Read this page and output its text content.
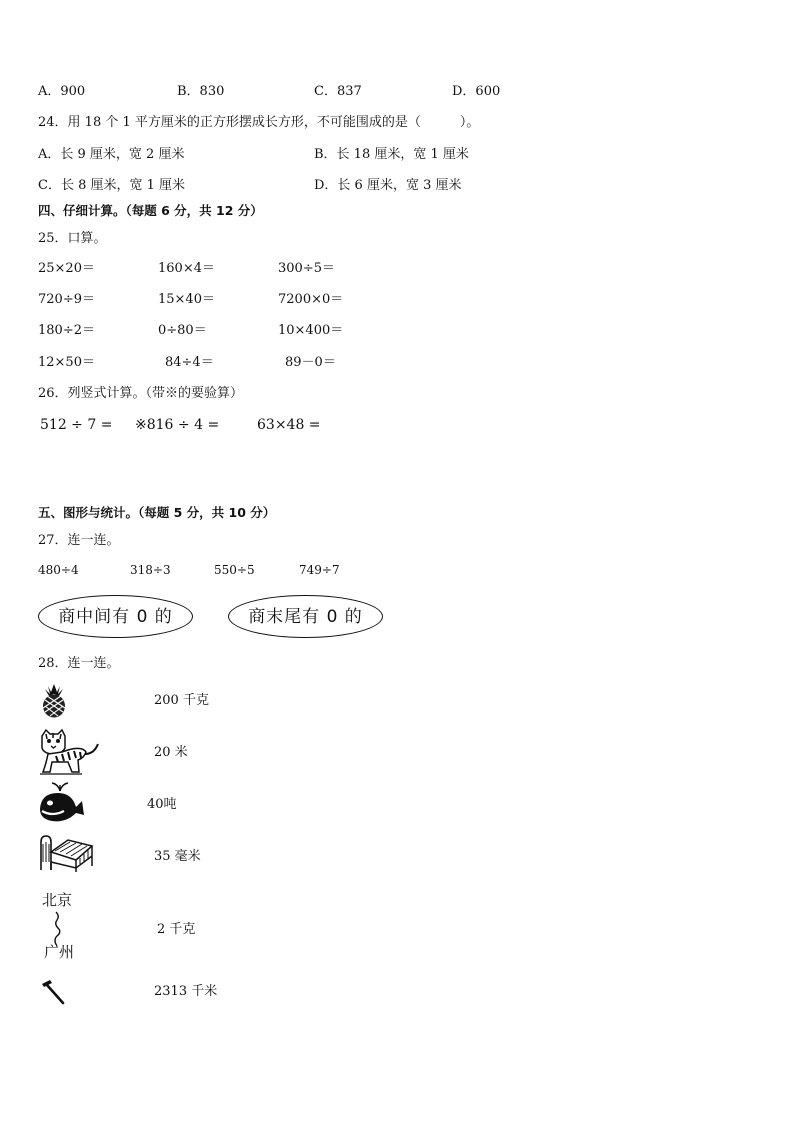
A．900	B．830	C．837	D．600
24．用 18 个 1 平方厘米的正方形摆成长方形，不可能围成的是（　　　）。
A．长 9 厘米，宽 2 厘米	B．长 18 厘米，宽 1 厘米
C．长 8 厘米，宽 1 厘米	D．长 6 厘米，宽 3 厘米
四、仔细计算。（每题 6 分，共 12 分）
25．口算。
25×20＝	160×4＝	300÷5＝
720÷9＝	15×40＝	7200×0＝
180÷2＝	0÷80＝	10×400＝
12×50＝	84÷4＝	89－0＝
26．列竖式计算。（带※的要验算）
512 ÷ 7 = ※816 ÷ 4 =	63×48 =
五、图形与统计。（每题 5 分，共 10 分）
27．连一连。
480÷4	318÷3	550÷5	749÷7
商中间有 0 的	商末尾有 0 的
28．连一连。
200 千克
20 米
40吨
35 毫米
北京
广州
2 千克
2313 千米
